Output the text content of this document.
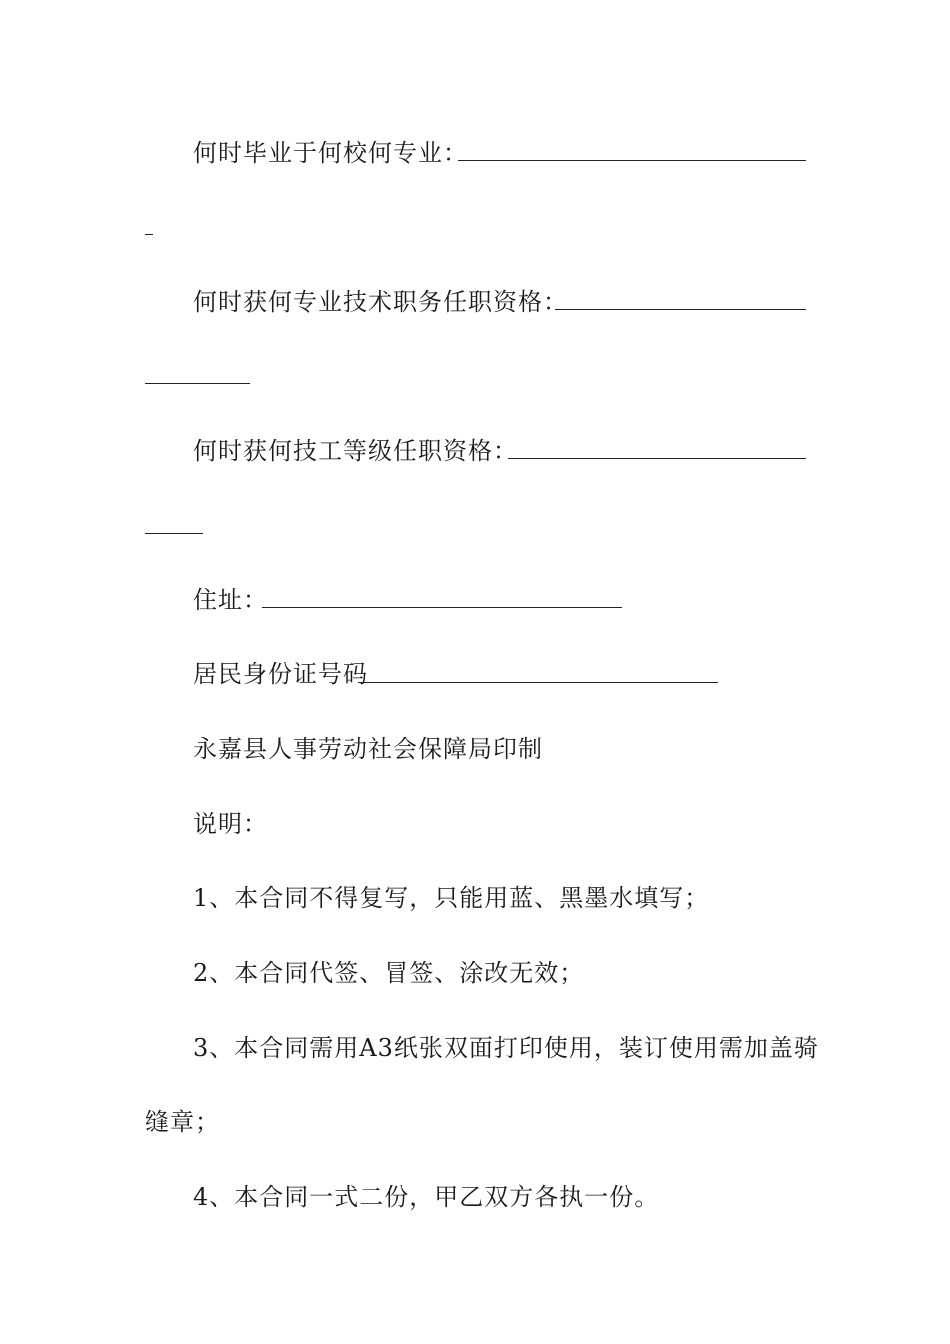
何时毕业于何校何专业：
何时获何专业技术职务任职资格：
何时获何技工等级任职资格：
住址：
居民身份证号码
永嘉县人事劳动社会保障局印制
说明：
1、本合同不得复写，只能用蓝、黑墨水填写；
2、本合同代签、冒签、涂改无效；
3、本合同需用A3纸张双面打印使用，装订使用需加盖骑
缝章；
4、本合同一式二份，甲乙双方各执一份。
